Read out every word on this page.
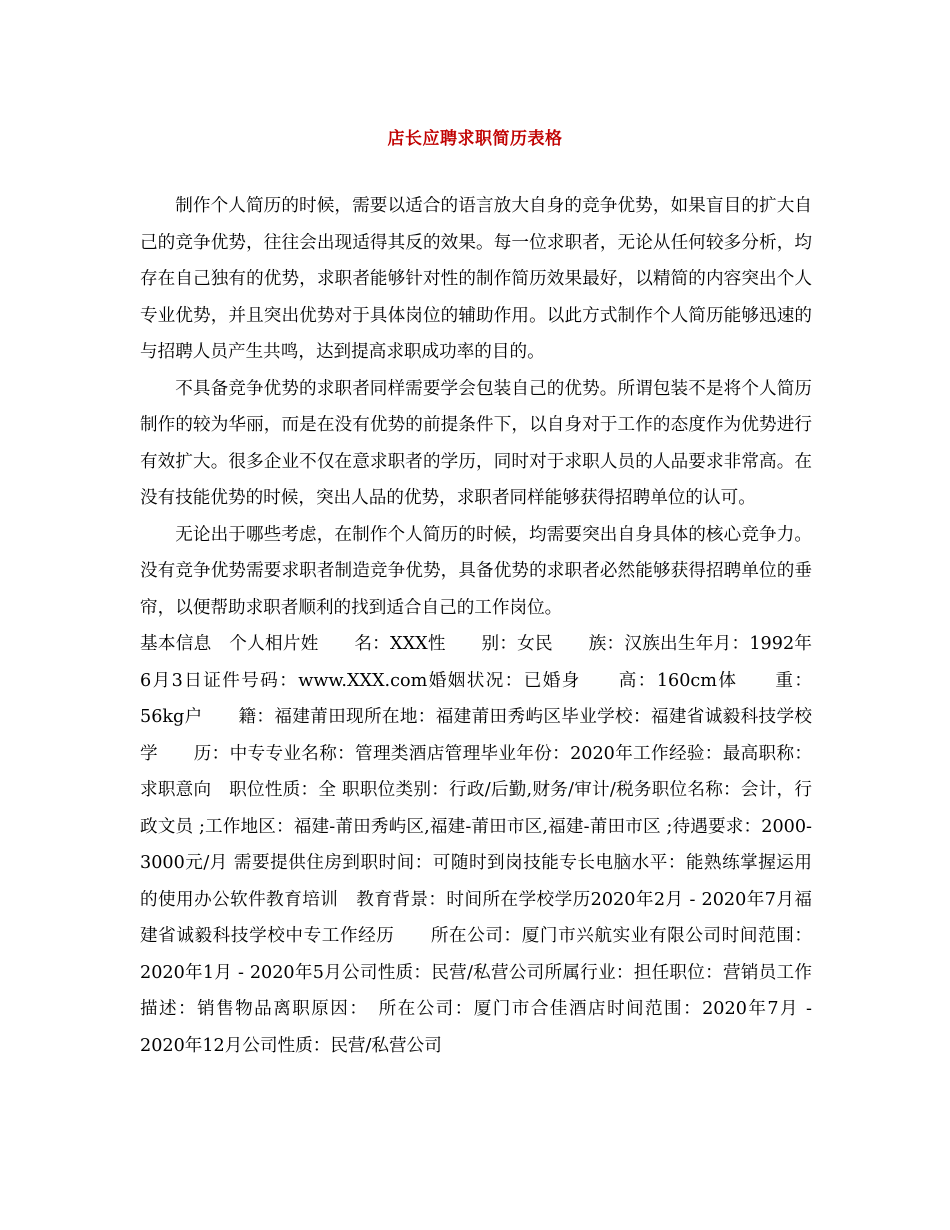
店长应聘求职简历表格

制作个人简历的时候，需要以适合的语言放大自身的竞争优势，如果盲目的扩大自己的竞争优势，往往会出现适得其反的效果。每一位求职者，无论从任何较多分析，均存在自己独有的优势，求职者能够针对性的制作简历效果最好，以精简的内容突出个人专业优势，并且突出优势对于具体岗位的辅助作用。以此方式制作个人简历能够迅速的与招聘人员产生共鸣，达到提高求职成功率的目的。

不具备竞争优势的求职者同样需要学会包装自己的优势。所谓包装不是将个人简历制作的较为华丽，而是在没有优势的前提条件下，以自身对于工作的态度作为优势进行有效扩大。很多企业不仅在意求职者的学历，同时对于求职人员的人品要求非常高。在没有技能优势的时候，突出人品的优势，求职者同样能够获得招聘单位的认可。

无论出于哪些考虑，在制作个人简历的时候，均需要突出自身具体的核心竞争力。没有竞争优势需要求职者制造竞争优势，具备优势的求职者必然能够获得招聘单位的垂帘，以便帮助求职者顺利的找到适合自己的工作岗位。

基本信息　个人相片姓　　名：XXX性　　别：女民　　族：汉族出生年月：1992年6月3日证件号码：www.XXX.com婚姻状况：已婚身　　高：160cm体　　重：56kg户　　籍：福建莆田现所在地：福建莆田秀屿区毕业学校：福建省诚毅科技学校学　　历：中专专业名称：管理类酒店管理毕业年份：2020年工作经验：最高职称：求职意向　职位性质：全 职职位类别：行政/后勤,财务/审计/税务职位名称：会计，行政文员 ;工作地区：福建-莆田秀屿区,福建-莆田市区,福建-莆田市区 ;待遇要求：2000-3000元/月 需要提供住房到职时间：可随时到岗技能专长电脑水平：能熟练掌握运用的使用办公软件教育培训　教育背景：时间所在学校学历2020年2月 - 2020年7月福建省诚毅科技学校中专工作经历　　所在公司：厦门市兴航实业有限公司时间范围：2020年1月 - 2020年5月公司性质：民营/私营公司所属行业：担任职位：营销员工作描述：销售物品离职原因：　所在公司：厦门市合佳酒店时间范围：2020年7月 - 2020年12月公司性质：民营/私营公司
